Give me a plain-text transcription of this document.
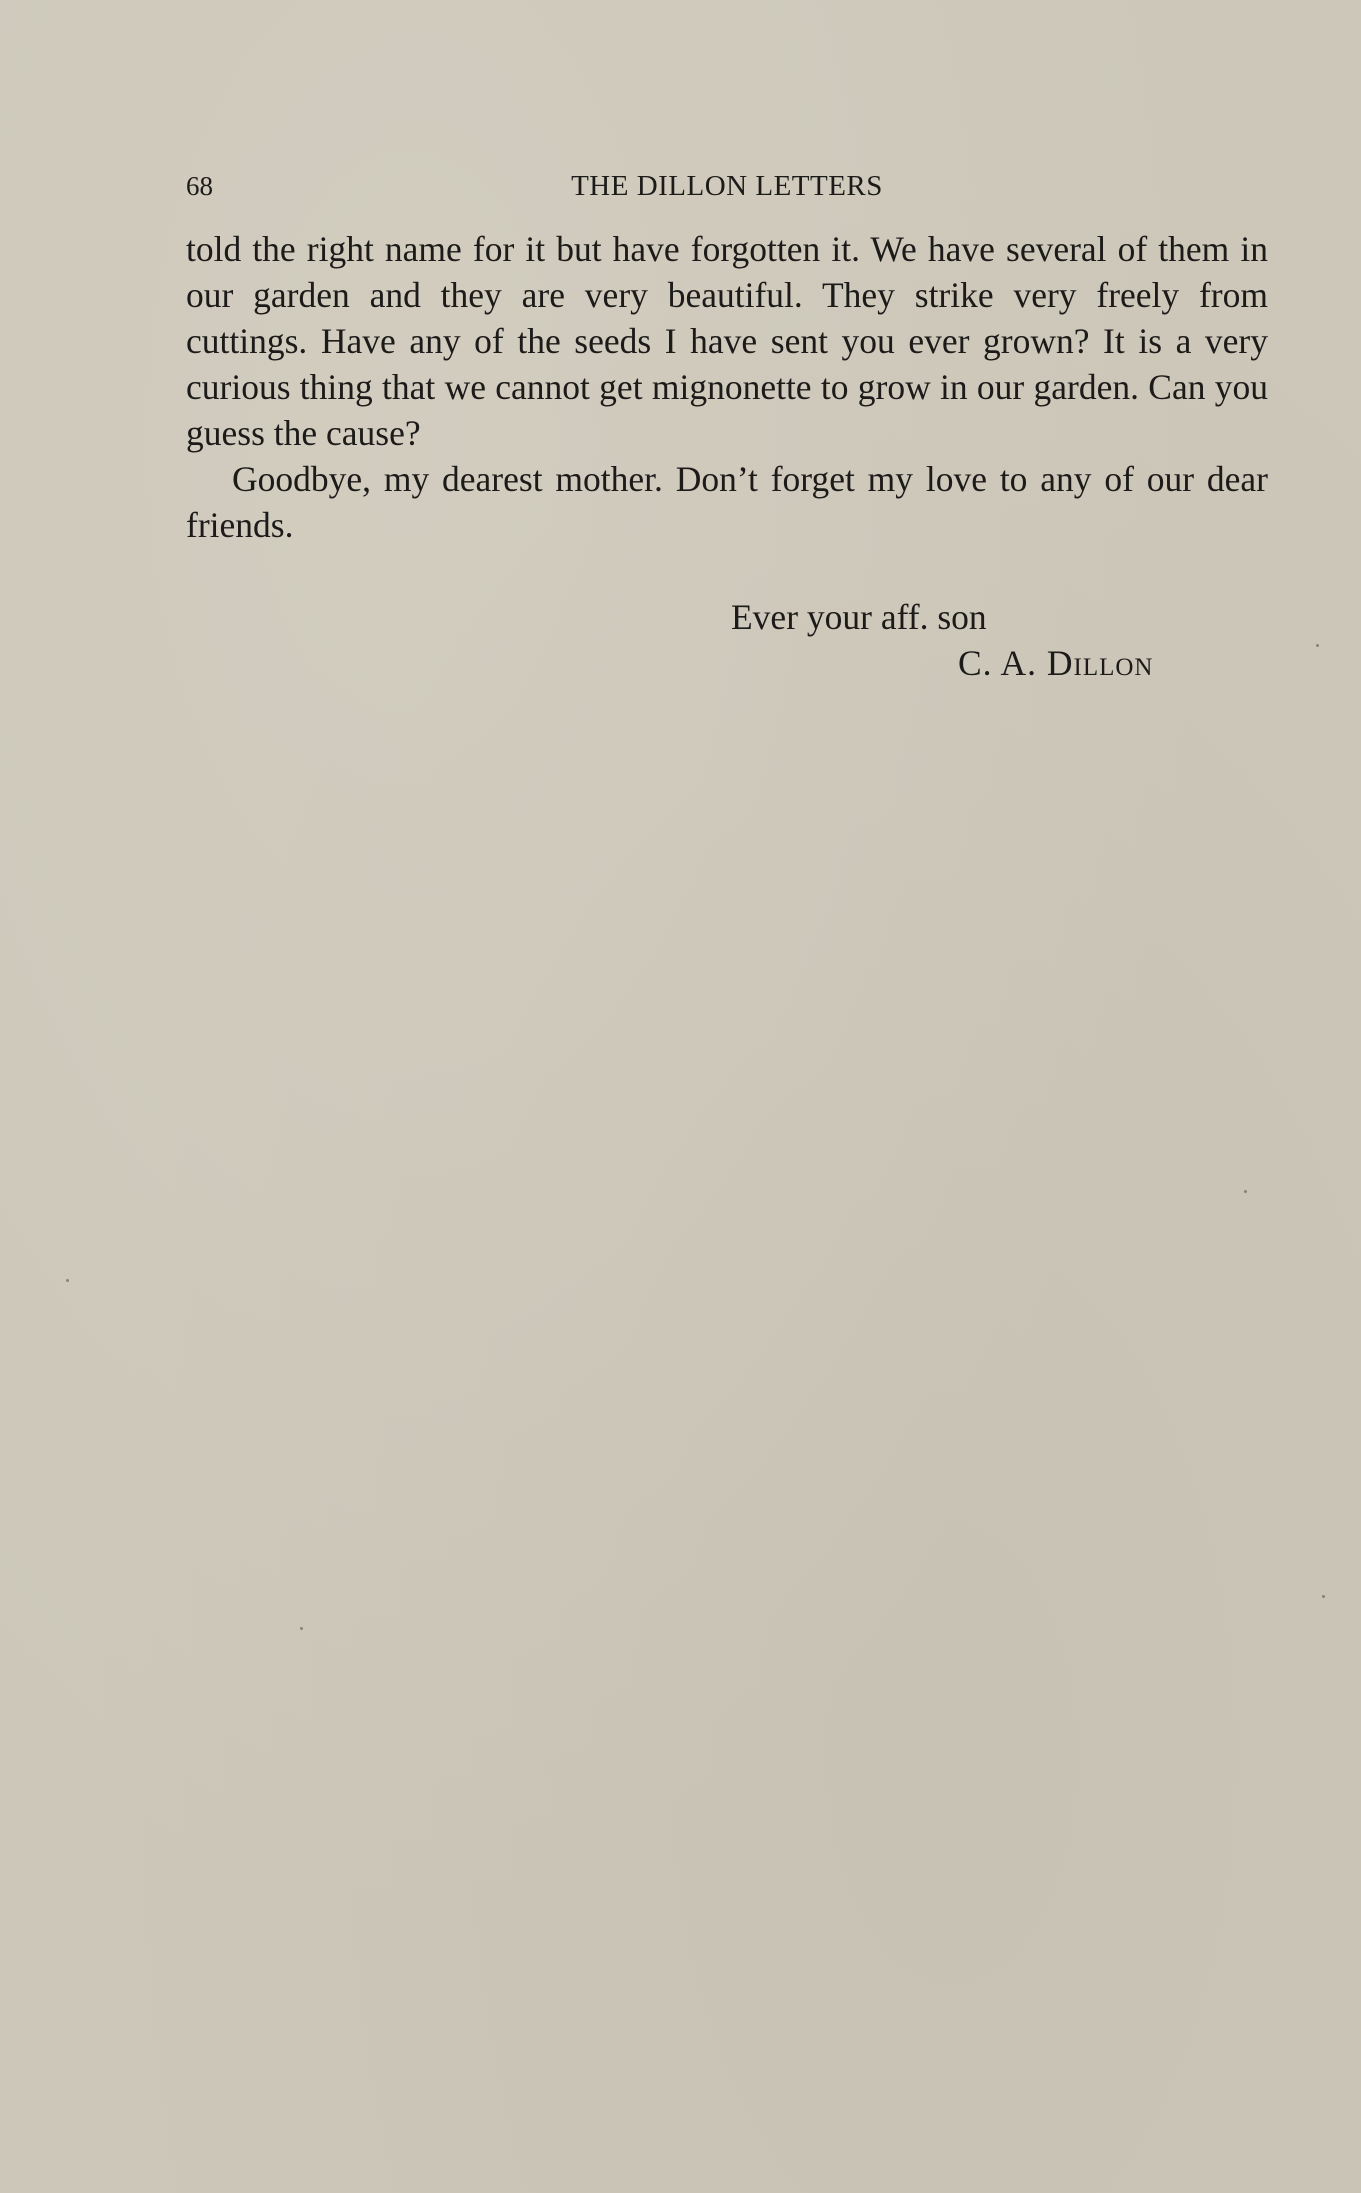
68	THE DILLON LETTERS

told the right name for it but have forgotten it. We have several of them in our garden and they are very beautiful. They strike very freely from cuttings. Have any of the seeds I have sent you ever grown? It is a very curious thing that we cannot get mignonette to grow in our garden. Can you guess the cause?

Goodbye, my dearest mother. Don’t forget my love to any of our dear friends.

Ever your aff. son
C. A. Dillon
